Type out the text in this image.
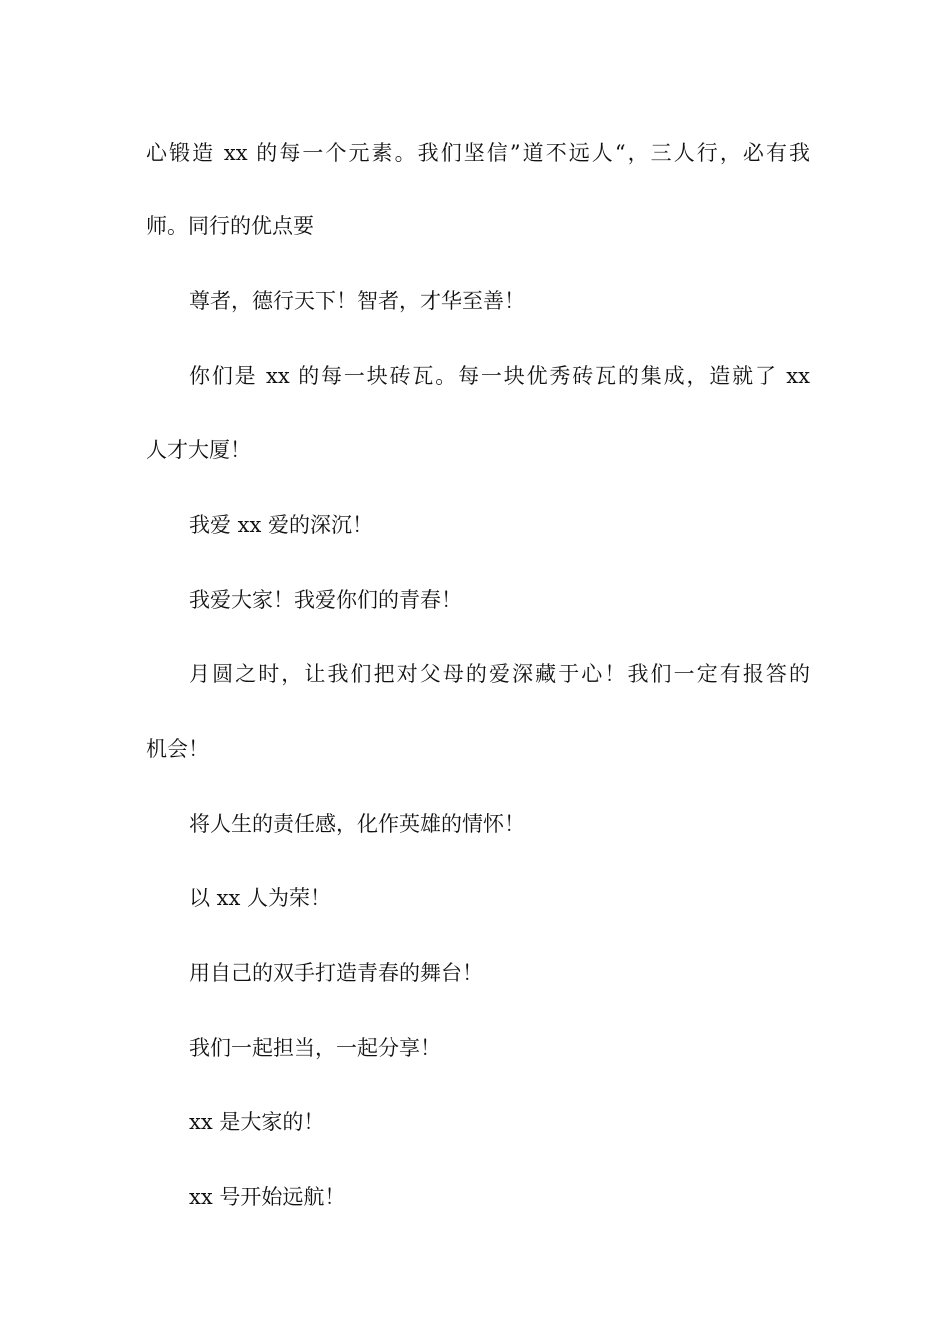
心锻造 xx 的每一个元素。我们坚信”道不远人“，三人行，必有我
师。同行的优点要
尊者，德行天下！智者，才华至善！
你们是 xx 的每一块砖瓦。每一块优秀砖瓦的集成，造就了 xx
人才大厦！
我爱 xx 爱的深沉！
我爱大家！我爱你们的青春！
月圆之时，让我们把对父母的爱深藏于心！我们一定有报答的
机会！
将人生的责任感，化作英雄的情怀！
以 xx 人为荣！
用自己的双手打造青春的舞台！
我们一起担当，一起分享！
xx 是大家的！
xx 号开始远航！
